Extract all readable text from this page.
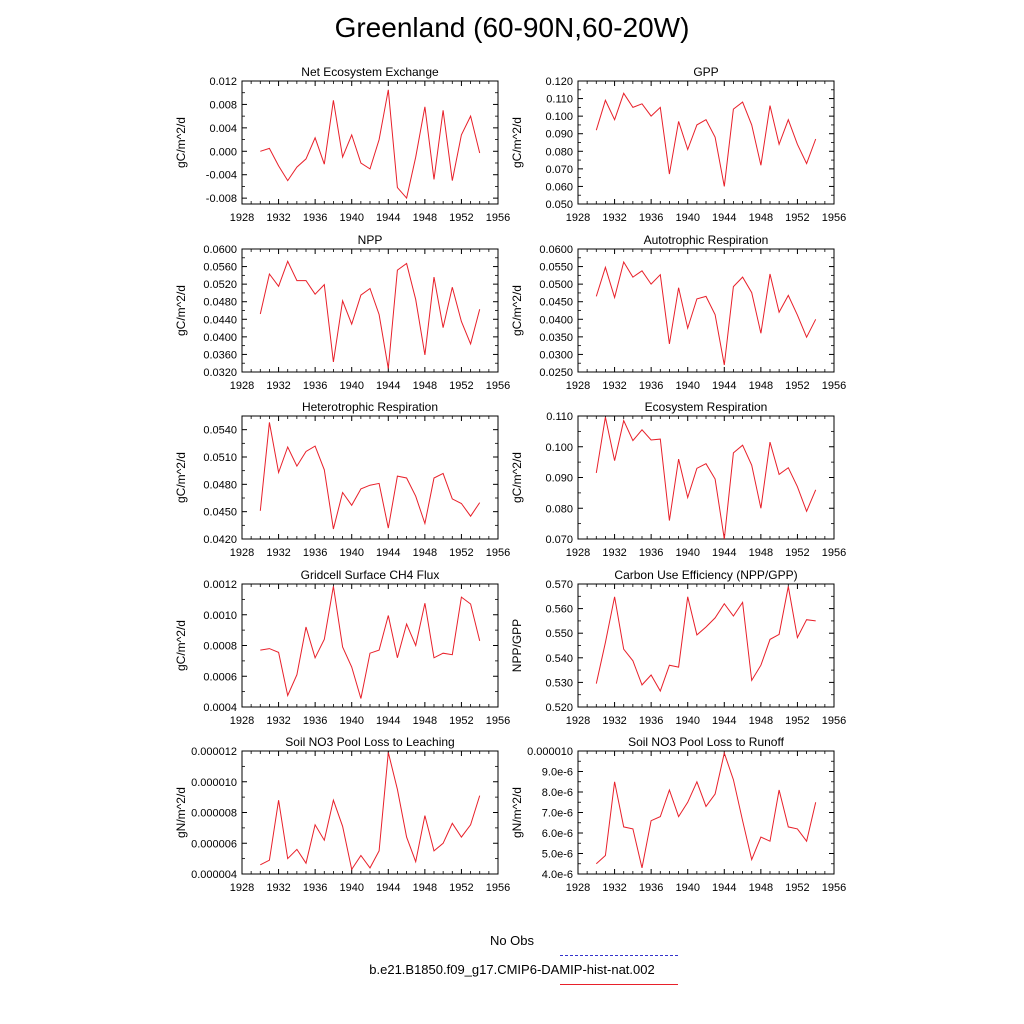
Greenland (60-90N,60-20W)
Net Ecosystem Exchange
gC/m^2/d
0.012
0.008
0.004
0.000
-0.004
-0.008
1928 1932 1936 1940 1944 1948 1952 1956
GPP
gC/m^2/d
0.120
0.110
0.100
0.090
0.080
0.070
0.060
0.050
1928 1932 1936 1940 1944 1948 1952 1956
NPP
gC/m^2/d
0.0600
0.0560
0.0520
0.0480
0.0440
0.0400
0.0360
0.0320
1928 1932 1936 1940 1944 1948 1952 1956
Autotrophic Respiration
gC/m^2/d
0.0600
0.0550
0.0500
0.0450
0.0400
0.0350
0.0300
0.0250
1928 1932 1936 1940 1944 1948 1952 1956
Heterotrophic Respiration
gC/m^2/d
0.0540
0.0510
0.0480
0.0450
0.0420
1928 1932 1936 1940 1944 1948 1952 1956
Ecosystem Respiration
gC/m^2/d
0.110
0.100
0.090
0.080
0.070
1928 1932 1936 1940 1944 1948 1952 1956
Gridcell Surface CH4 Flux
gC/m^2/d
0.0012
0.0010
0.0008
0.0006
0.0004
1928 1932 1936 1940 1944 1948 1952 1956
Carbon Use Efficiency (NPP/GPP)
NPP/GPP
0.570
0.560
0.550
0.540
0.530
0.520
1928 1932 1936 1940 1944 1948 1952 1956
Soil NO3 Pool Loss to Leaching
gN/m^2/d
0.000012
0.000010
0.000008
0.000006
0.000004
1928 1932 1936 1940 1944 1948 1952 1956
Soil NO3 Pool Loss to Runoff
gN/m^2/d
0.000010
9.0e-6
8.0e-6
7.0e-6
6.0e-6
5.0e-6
4.0e-6
1928 1932 1936 1940 1944 1948 1952 1956
No Obs
b.e21.B1850.f09_g17.CMIP6-DAMIP-hist-nat.002
